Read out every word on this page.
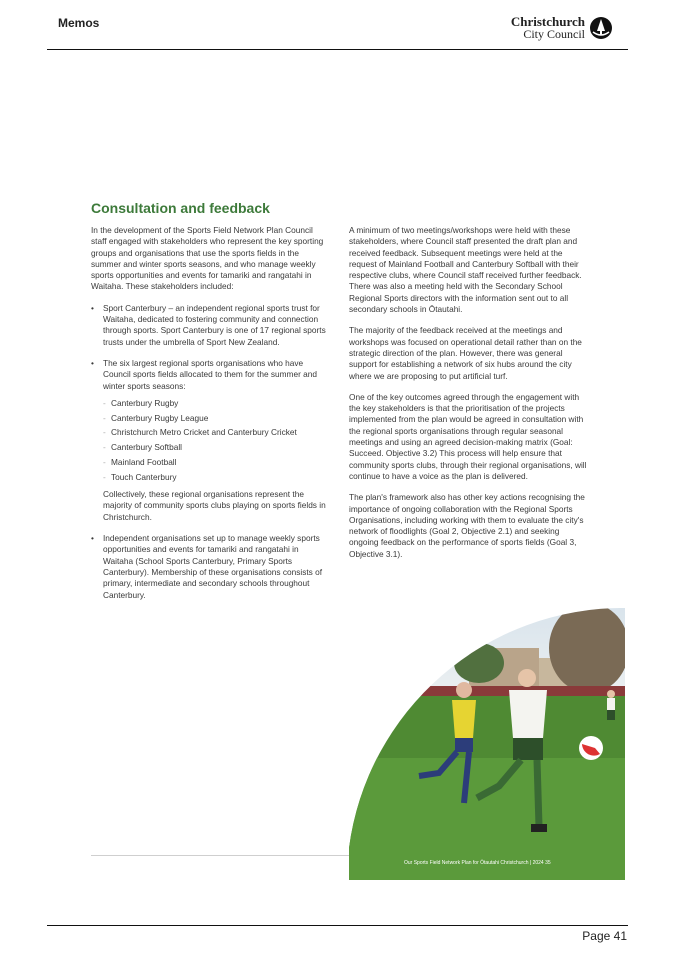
Memos	Christchurch
City Council
Consultation and feedback

In the development of the Sports Field Network Plan Council staff engaged with stakeholders who represent the key sporting groups and organisations that use the sports fields in the summer and winter sports seasons, and who manage weekly sports opportunities and events for tamariki and rangatahi in Waitaha. These stakeholders included:

• Sport Canterbury – an independent regional sports trust for Waitaha, dedicated to fostering community and connection through sports. Sport Canterbury is one of 17 regional sports trusts under the umbrella of Sport New Zealand.
• The six largest regional sports organisations who have Council sports fields allocated to them for the summer and winter sports seasons:
- Canterbury Rugby
- Canterbury Rugby League
- Christchurch Metro Cricket and Canterbury Cricket
- Canterbury Softball
- Mainland Football
- Touch Canterbury
Collectively, these regional organisations represent the majority of community sports clubs playing on sports fields in Christchurch.
• Independent organisations set up to manage weekly sports opportunities and events for tamariki and rangatahi in Waitaha (School Sports Canterbury, Primary Sports Canterbury). Membership of these organisations consists of primary, intermediate and secondary schools throughout Canterbury.

A minimum of two meetings/workshops were held with these stakeholders, where Council staff presented the draft plan and received feedback. Subsequent meetings were held at the request of Mainland Football and Canterbury Softball with their respective clubs, where Council staff received further feedback. There was also a meeting held with the Secondary School Regional Sports directors with the information sent out to all secondary schools in Ōtautahi.

The majority of the feedback received at the meetings and workshops was focused on operational detail rather than on the strategic direction of the plan. However, there was general support for establishing a network of six hubs around the city where we are proposing to put artificial turf.

One of the key outcomes agreed through the engagement with the key stakeholders is that the prioritisation of the projects implemented from the plan would be agreed in consultation with the regional sports organisations through regular seasonal meetings and using an agreed decision-making matrix (Goal: Succeed. Objective 3.2) This process will help ensure that community sports clubs, through their regional organisations, will continue to have a voice as the plan is delivered.

The plan's framework also has other key actions recognising the importance of ongoing collaboration with the Regional Sports Organisations, including working with them to evaluate the city's network of floodlights (Goal 2, Objective 2.1) and seeking ongoing feedback on the performance of sports fields (Goal 3, Objective 3.1).

Our Sports Field Network Plan for Ōtautahi Christchurch | 2024 35
Page 41
